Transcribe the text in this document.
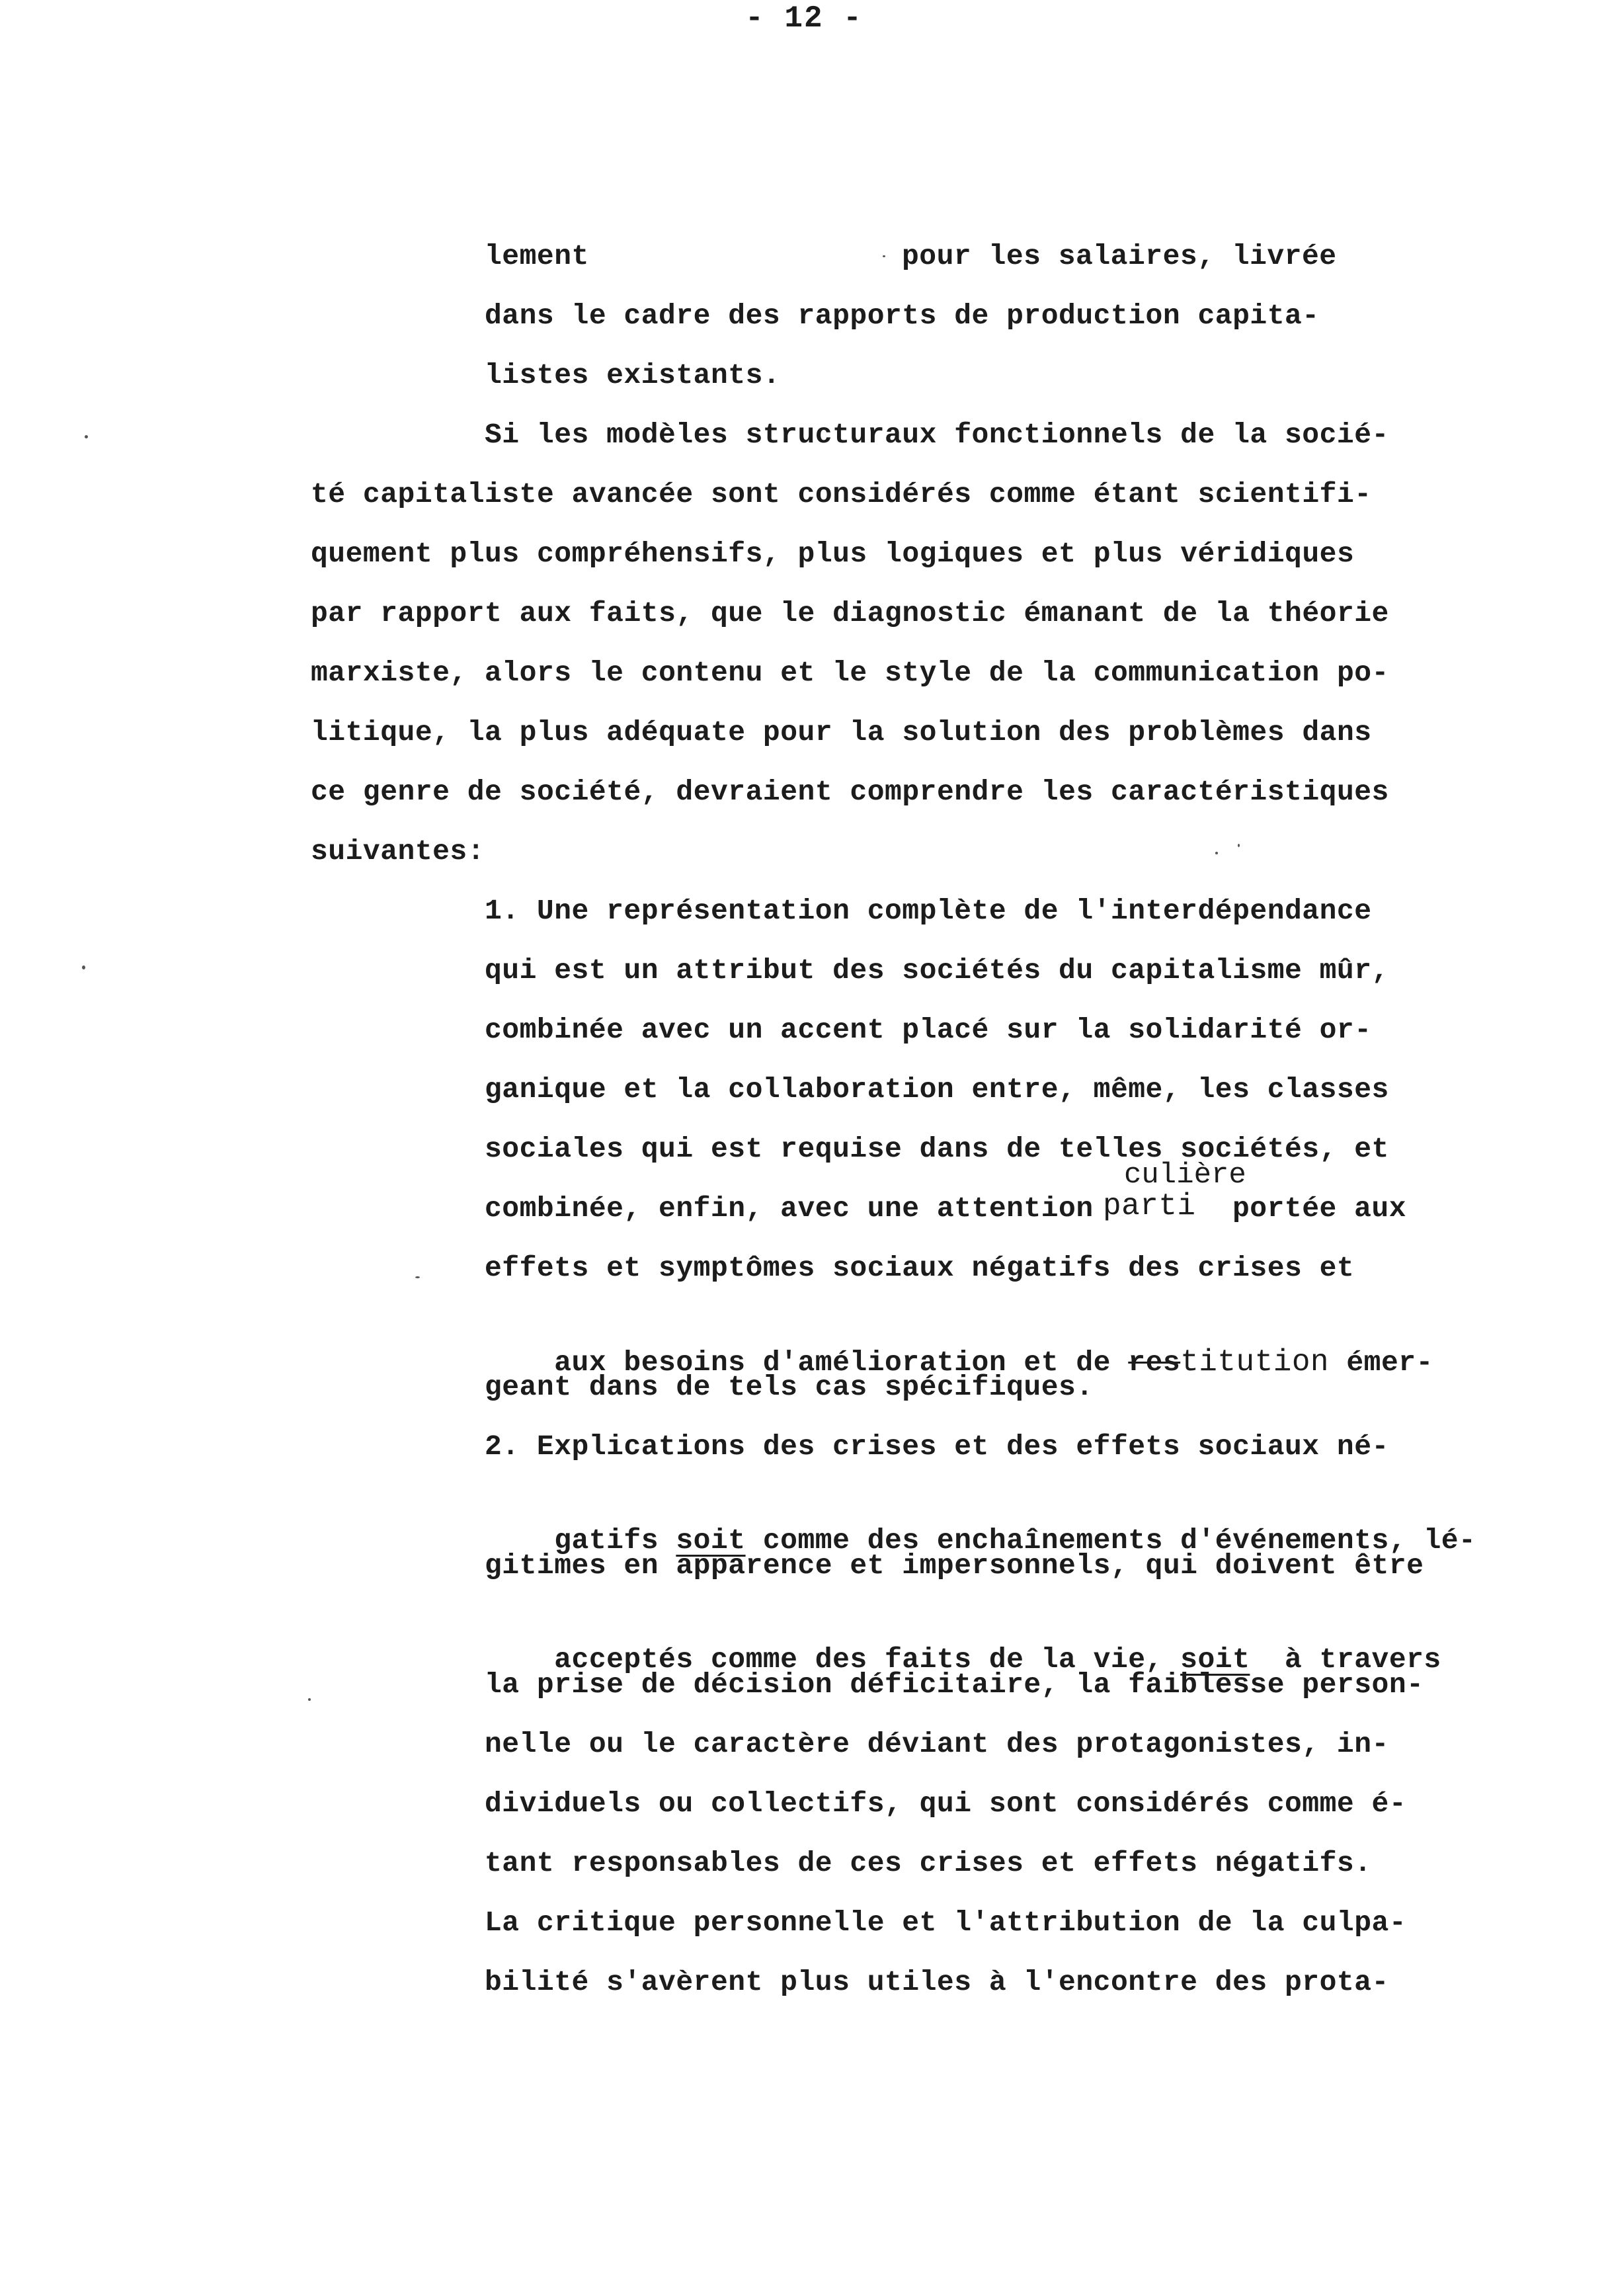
- 12 -
lement	pour les salaires, livrée
dans le cadre des rapports de production capita-
listes existants.
Si les modèles structuraux fonctionnels de la socié-
té capitaliste avancée sont considérés comme étant scientifi-
quement plus compréhensifs, plus logiques et plus véridiques
par rapport aux faits, que le diagnostic émanant de la théorie
marxiste, alors le contenu et le style de la communication po-
litique, la plus adéquate pour la solution des problèmes dans
ce genre de société, devraient comprendre les caractéristiques
suivantes:
1. Une représentation complète de l'interdépendance
qui est un attribut des sociétés du capitalisme mûr,
combinée avec un accent placé sur la solidarité or-
ganique et la collaboration entre, même, les classes
sociales qui est requise dans de telles sociétés, et
culière
combinée, enfin, avec une attention parti portée aux
effets et symptômes sociaux négatifs des crises et

aux besoins d'amélioration et de restitution émer-

geant dans de tels cas spécifiques.
2. Explications des crises et des effets sociaux né-

gatifs soit comme des enchaînements d'événements, lé-

gitimes en apparence et impersonnels, qui doivent être

acceptés comme des faits de la vie, soit  à travers

la prise de décision déficitaire, la faiblesse person-
nelle ou le caractère déviant des protagonistes, in-
dividuels ou collectifs, qui sont considérés comme é-
tant responsables de ces crises et effets négatifs.
La critique personnelle et l'attribution de la culpa-
bilité s'avèrent plus utiles à l'encontre des prota-
